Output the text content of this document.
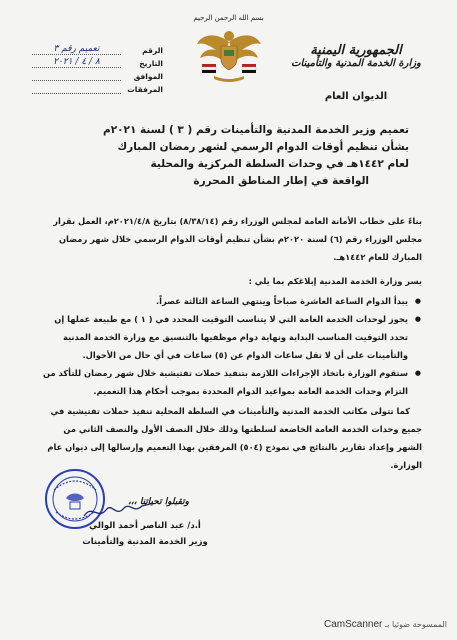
الجمهورية اليمنية
وزارة الخدمة المدنية والتأمينات
الديوان العام
بسم الله الرحمن الرحيم
الرقم
تعميم رقم ٣
التاريخ
٨ / ٤ / ٢٠٢١
الموافق
المرفقات
تعميم وزير الخدمة المدنية والتأمينات رقم ( ٣ ) لسنة ٢٠٢١م
بشأن تنظيم أوقات الدوام الرسمي لشهر رمضان المبارك
لعام ١٤٤٢هـ في وحدات السلطة المركزية والمحلية
الواقعة في إطار المناطق المحررة

بناءً على خطاب الأمانة العامة لمجلس الوزراء رقم (٨/٣٨/١٤) بتاريخ ٢٠٢١/٤/٨م، العمل بقرار مجلس الوزراء رقم (٦) لسنة ٢٠٢٠م بشأن تنظيم أوقات الدوام الرسمي خلال شهر رمضان المبارك للعام ١٤٤٢هـ.

يسر وزارة الخدمة المدنية إبلاغكم بما يلي :

● يبدأ الدوام الساعة العاشرة صباحاً وينتهي الساعة الثالثة عصراً.
● يجوز لوحدات الخدمة العامة التي لا يتناسب التوقيت المحدد في ( ١ ) مع طبيعة عملها إن تحدد التوقيت المناسب البداية ونهاية دوام موظفيها بالتنسيق مع وزارة الخدمة المدنية والتأمينات على أن لا تقل ساعات الدوام عن (٥) ساعات في أي حال من الأحوال.
● ستقوم الوزارة باتخاذ الإجراءات اللازمة بتنفيذ حملات تفتيشية خلال شهر رمضان للتأكد من التزام وحدات الخدمة العامة بمواعيد الدوام المحددة بموجب أحكام هذا التعميم.

كما تتولى مكاتب الخدمة المدنية والتأمينات في السلطة المحلية تنفيذ حملات تفتيشية في جميع وحدات الخدمة العامة الخاضعة لسلطتها وذلك خلال النصف الأول والنصف الثاني من الشهر وإعداد تقارير بالنتائج في نموذج (٥٠٤) المرفقين بهذا التعميم وإرسالها إلى ديوان عام الوزارة.

وتقبلوا تحياتنا ،،،
أ.د/ عبد الناصر أحمد الوالي
وزير الخدمة المدنية والتأمينات
الممسوحة ضوئيا بـ CamScanner
